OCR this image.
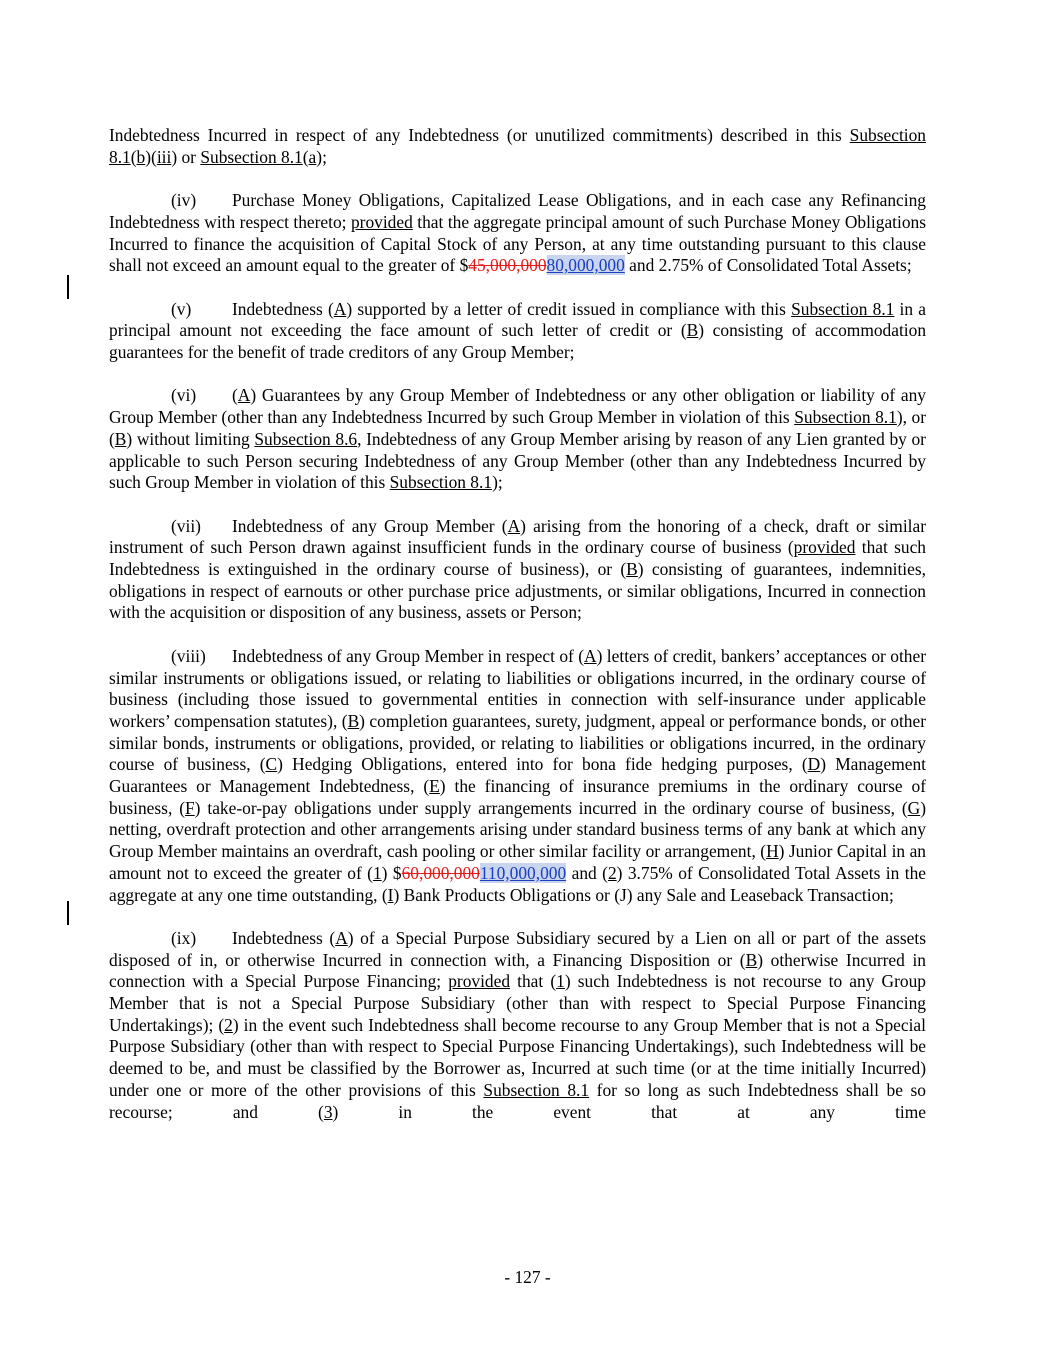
Indebtedness Incurred in respect of any Indebtedness (or unutilized commitments) described in this Subsection 8.1(b)(iii) or Subsection 8.1(a);

(iv) Purchase Money Obligations, Capitalized Lease Obligations, and in each case any Refinancing Indebtedness with respect thereto; provided that the aggregate principal amount of such Purchase Money Obligations Incurred to finance the acquisition of Capital Stock of any Person, at any time outstanding pursuant to this clause shall not exceed an amount equal to the greater of $45,000,00080,000,000 and 2.75% of Consolidated Total Assets;

(v) Indebtedness (A) supported by a letter of credit issued in compliance with this Subsection 8.1 in a principal amount not exceeding the face amount of such letter of credit or (B) consisting of accommodation guarantees for the benefit of trade creditors of any Group Member;

(vi) (A) Guarantees by any Group Member of Indebtedness or any other obligation or liability of any Group Member (other than any Indebtedness Incurred by such Group Member in violation of this Subsection 8.1), or (B) without limiting Subsection 8.6, Indebtedness of any Group Member arising by reason of any Lien granted by or applicable to such Person securing Indebtedness of any Group Member (other than any Indebtedness Incurred by such Group Member in violation of this Subsection 8.1);

(vii) Indebtedness of any Group Member (A) arising from the honoring of a check, draft or similar instrument of such Person drawn against insufficient funds in the ordinary course of business (provided that such Indebtedness is extinguished in the ordinary course of business), or (B) consisting of guarantees, indemnities, obligations in respect of earnouts or other purchase price adjustments, or similar obligations, Incurred in connection with the acquisition or disposition of any business, assets or Person;

(viii) Indebtedness of any Group Member in respect of (A) letters of credit, bankers’ acceptances or other similar instruments or obligations issued, or relating to liabilities or obligations incurred, in the ordinary course of business (including those issued to governmental entities in connection with self-insurance under applicable workers’ compensation statutes), (B) completion guarantees, surety, judgment, appeal or performance bonds, or other similar bonds, instruments or obligations, provided, or relating to liabilities or obligations incurred, in the ordinary course of business, (C) Hedging Obligations, entered into for bona fide hedging purposes, (D) Management Guarantees or Management Indebtedness, (E) the financing of insurance premiums in the ordinary course of business, (F) take-or-pay obligations under supply arrangements incurred in the ordinary course of business, (G) netting, overdraft protection and other arrangements arising under standard business terms of any bank at which any Group Member maintains an overdraft, cash pooling or other similar facility or arrangement, (H) Junior Capital in an amount not to exceed the greater of (1) $60,000,000110,000,000 and (2) 3.75% of Consolidated Total Assets in the aggregate at any one time outstanding, (I) Bank Products Obligations or (J) any Sale and Leaseback Transaction;

(ix) Indebtedness (A) of a Special Purpose Subsidiary secured by a Lien on all or part of the assets disposed of in, or otherwise Incurred in connection with, a Financing Disposition or (B) otherwise Incurred in connection with a Special Purpose Financing; provided that (1) such Indebtedness is not recourse to any Group Member that is not a Special Purpose Subsidiary (other than with respect to Special Purpose Financing Undertakings); (2) in the event such Indebtedness shall become recourse to any Group Member that is not a Special Purpose Subsidiary (other than with respect to Special Purpose Financing Undertakings), such Indebtedness will be deemed to be, and must be classified by the Borrower as, Incurred at such time (or at the time initially Incurred) under one or more of the other provisions of this Subsection 8.1 for so long as such Indebtedness shall be so recourse; and (3) in the event that at any time

- 127 -
